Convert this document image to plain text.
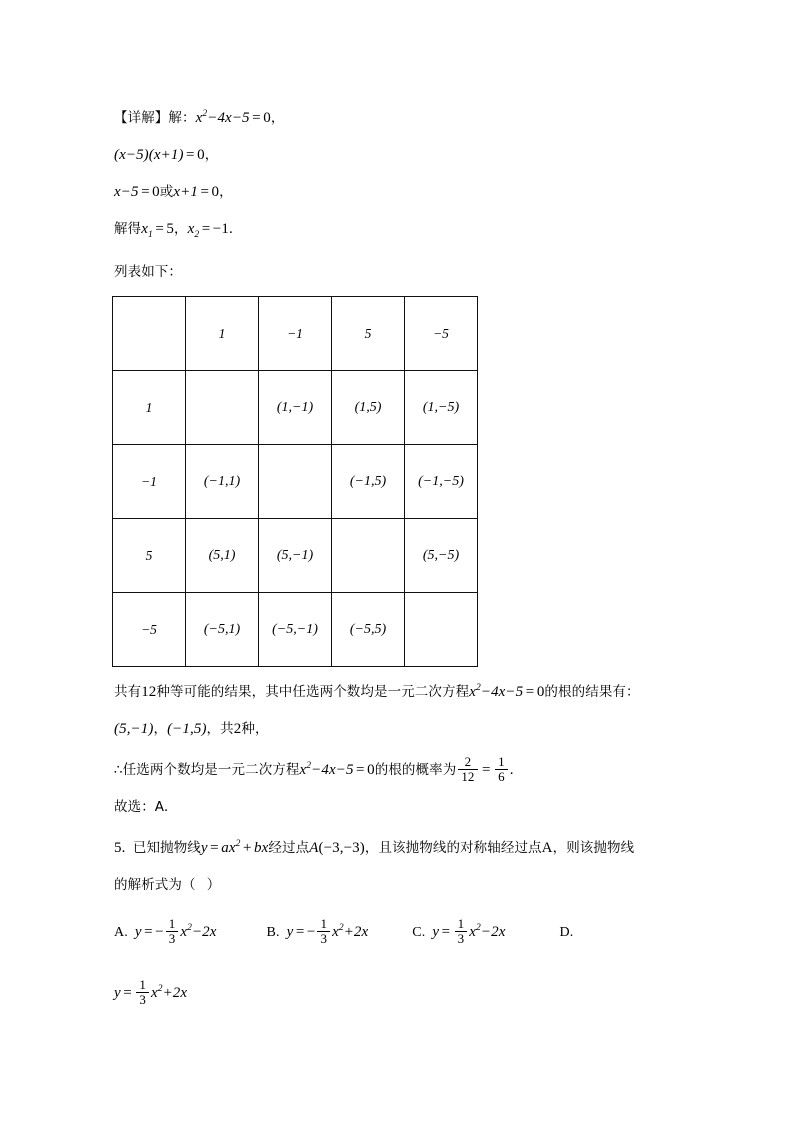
【详解】解：$x^2-4x-5 = 0$，
(x−5)(x+1) = 0，
x−5 = 0或x+1 = 0，
解得$x_1 = 5$，$x_2 = -1$.
列表如下：
	1	−1	5	−5
1		(1,−1)	(1,5)	(1,−5)
−1	(−1,1)		(−1,5)	(−1,−5)
5	(5,1)	(5,−1)		(5,−5)
−5	(−5,1)	(−5,−1)	(−5,5)	
共有12种等可能的结果，其中任选两个数均是一元二次方程$x^2-4x-5 = 0$的根的结果有：
(5,−1)，(−1,5)，共2种，
∴任选两个数均是一元二次方程$x^2-4x-5 = 0$的根的概率为 $\frac{2}{12} = \frac{1}{6}$ .
故选：A.
5. 已知抛物线$y = ax^2$ + bx经过点A(−3,−3)，且该抛物线的对称轴经过点A，则该抛物线
的解析式为（ ）
A. y = − $\frac{1}{3} x^2-2x$	B. y = − $\frac{1}{3} x^2+2x$	C. $y = \frac{1}{3} x^2-2x$	D.
$y = \frac{1}{3} x^2+2x$
